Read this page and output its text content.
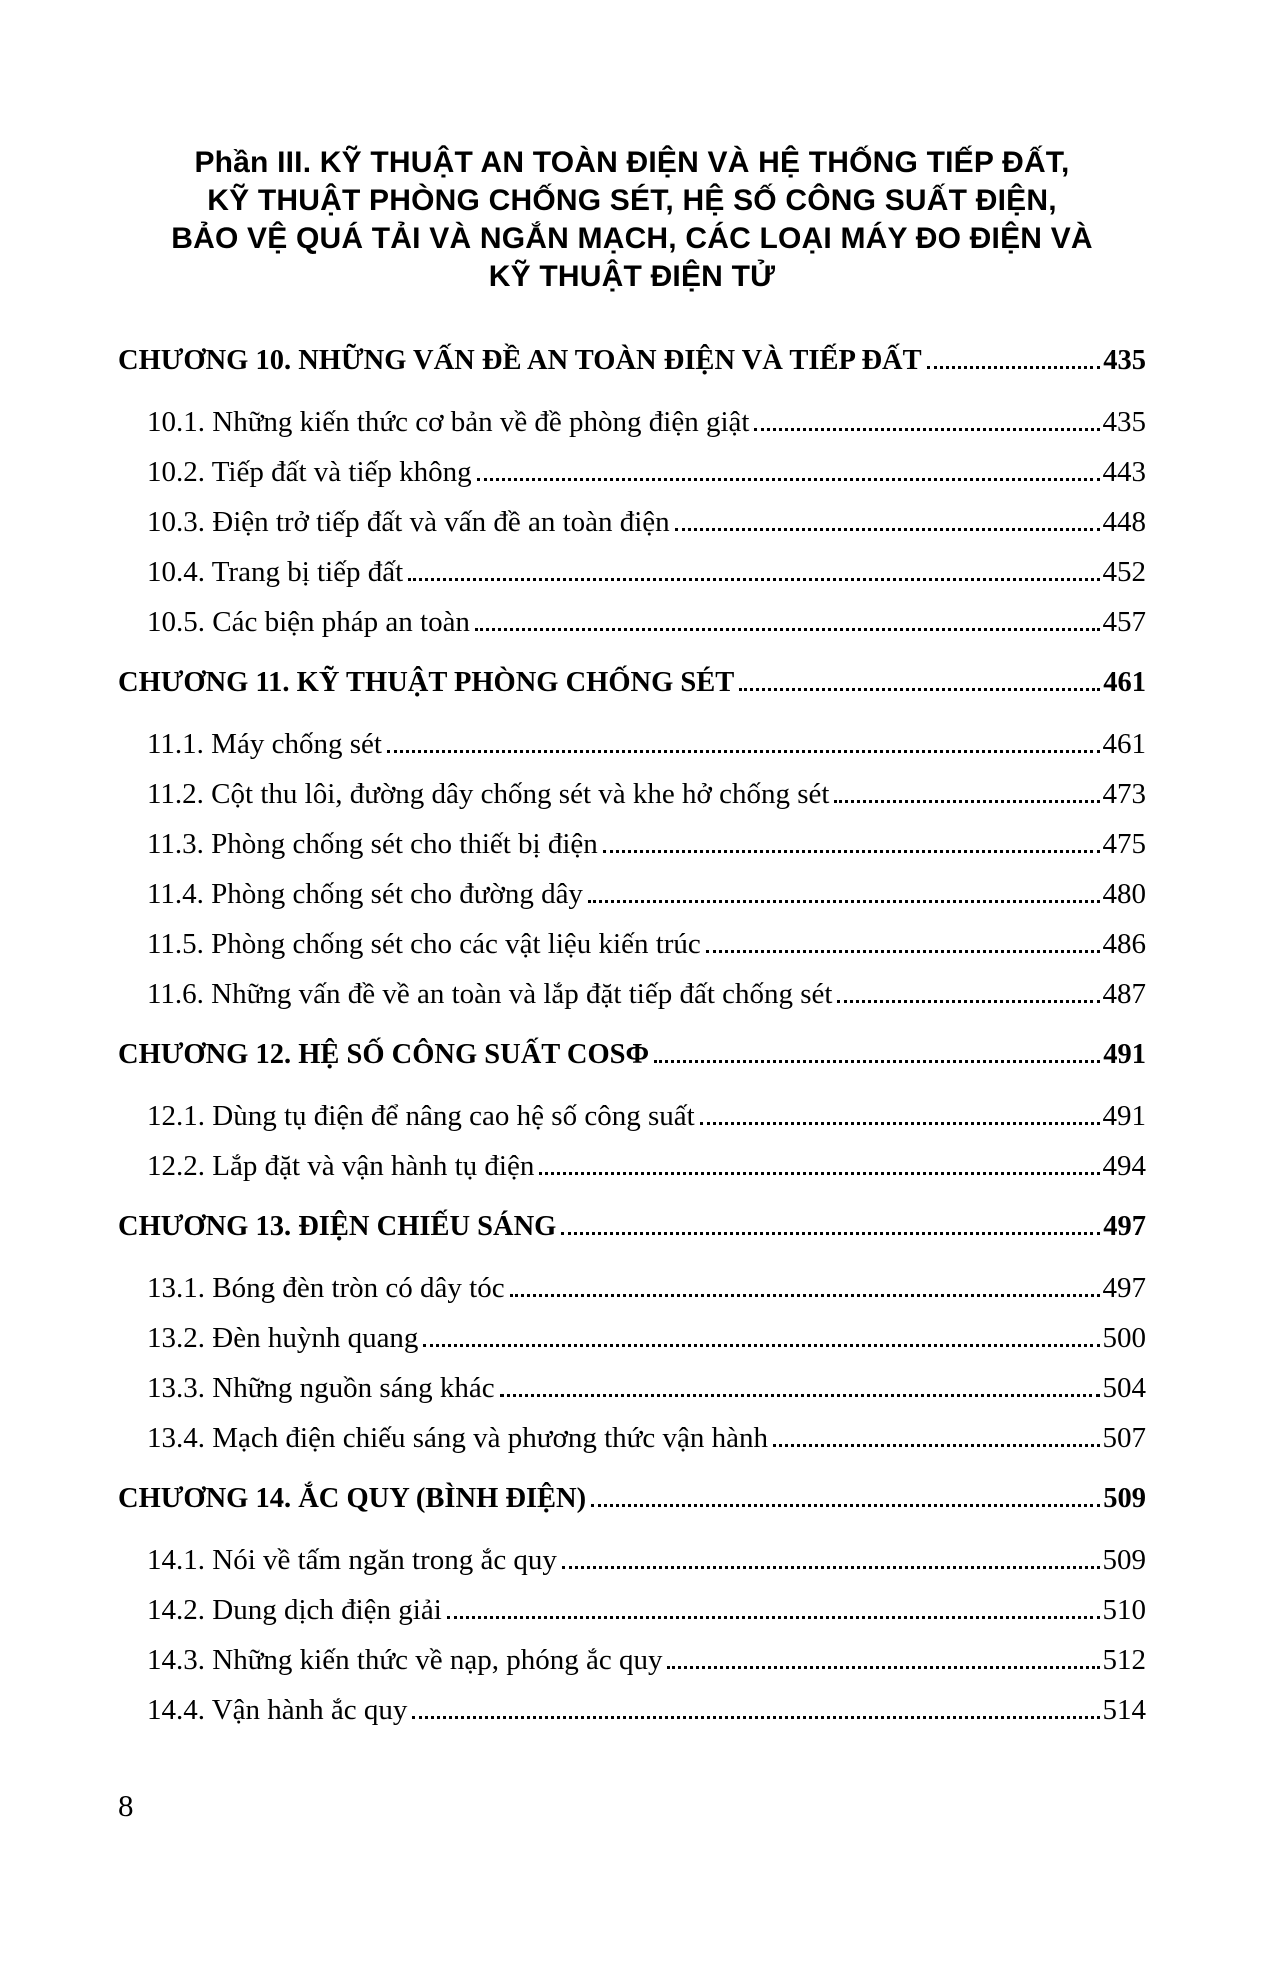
Phần III. KỸ THUẬT AN TOÀN ĐIỆN VÀ HỆ THỐNG TIẾP ĐẤT,
KỸ THUẬT PHÒNG CHỐNG SÉT, HỆ SỐ CÔNG SUẤT ĐIỆN,
BẢO VỆ QUÁ TẢI VÀ NGẮN MẠCH, CÁC LOẠI MÁY ĐO ĐIỆN VÀ
KỸ THUẬT ĐIỆN TỬ
CHƯƠNG 10. NHỮNG VẤN ĐỀ AN TOÀN ĐIỆN VÀ TIẾP ĐẤT	435
10.1. Những kiến thức cơ bản về đề phòng điện giật	435
10.2. Tiếp đất và tiếp không	443
10.3. Điện trở tiếp đất và vấn đề an toàn điện	448
10.4. Trang bị tiếp đất	452
10.5. Các biện pháp an toàn	457
CHƯƠNG 11. KỸ THUẬT PHÒNG CHỐNG SÉT	461
11.1. Máy chống sét	461
11.2. Cột thu lôi, đường dây chống sét và khe hở chống sét	473
11.3. Phòng chống sét cho thiết bị điện	475
11.4. Phòng chống sét cho đường dây	480
11.5. Phòng chống sét cho các vật liệu kiến trúc	486
11.6. Những vấn đề về an toàn và lắp đặt tiếp đất chống sét	487
CHƯƠNG 12. HỆ SỐ CÔNG SUẤT COSΦ	491
12.1. Dùng tụ điện để nâng cao hệ số công suất	491
12.2. Lắp đặt và vận hành tụ điện	494
CHƯƠNG 13. ĐIỆN CHIẾU SÁNG	497
13.1. Bóng đèn tròn có dây tóc	497
13.2. Đèn huỳnh quang	500
13.3. Những nguồn sáng khác	504
13.4. Mạch điện chiếu sáng và phương thức vận hành	507
CHƯƠNG 14. ẮC QUY (BÌNH ĐIỆN)	509
14.1. Nói về tấm ngăn trong ắc quy	509
14.2. Dung dịch điện giải	510
14.3. Những kiến thức về nạp, phóng ắc quy	512
14.4. Vận hành ắc quy	514
8
